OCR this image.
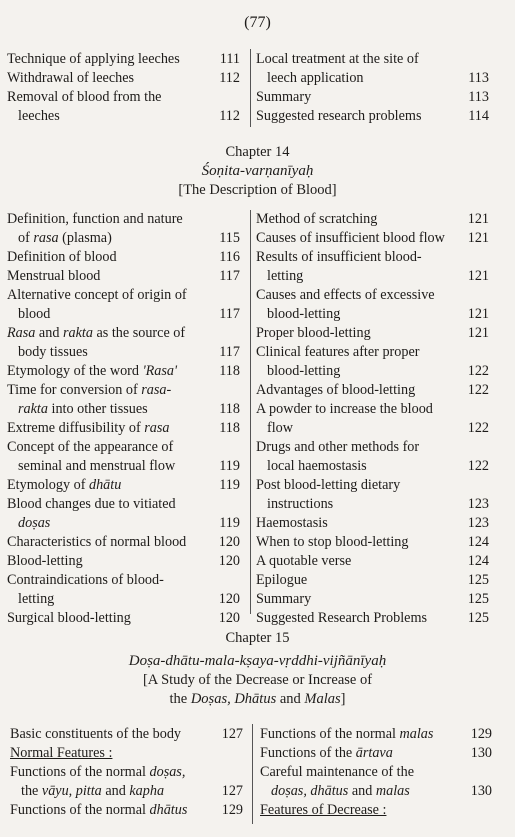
(77)
Technique of applying leeches	111
Withdrawal of leeches	112
Removal of blood from the
leeches	112
Local treatment at the site of
leech application	113
Summary	113
Suggested research problems	114
Chapter 14
Śoṇita-varṇanīyaḥ
[The Description of Blood]
Definition, function and nature
of rasa (plasma)	115
Definition of blood	116
Menstrual blood	117
Alternative concept of origin of
blood	117
Rasa and rakta as the source of
body tissues	117
Etymology of the word 'Rasa'	118
Time for conversion of rasa-
rakta into other tissues	118
Extreme diffusibility of rasa	118
Concept of the appearance of
seminal and menstrual flow	119
Etymology of dhātu	119
Blood changes due to vitiated
doṣas	119
Characteristics of normal blood	120
Blood-letting	120
Contraindications of blood-
letting	120
Surgical blood-letting	120
Method of scratching	121
Causes of insufficient blood flow	121
Results of insufficient blood-
letting	121
Causes and effects of excessive
blood-letting	121
Proper blood-letting	121
Clinical features after proper
blood-letting	122
Advantages of blood-letting	122
A powder to increase the blood
flow	122
Drugs and other methods for
local haemostasis	122
Post blood-letting dietary
instructions	123
Haemostasis	123
When to stop blood-letting	124
A quotable verse	124
Epilogue	125
Summary	125
Suggested Research Problems	125
Chapter 15
Doṣa-dhātu-mala-kṣaya-vṛddhi-vijñānīyaḥ
[A Study of the Decrease or Increase of
the Doṣas, Dhātus and Malas]
Basic constituents of the body	127
Normal Features :
Functions of the normal doṣas,
the vāyu, pitta and kapha	127
Functions of the normal dhātus	129
Functions of the normal malas	129
Functions of the ārtava	130
Careful maintenance of the
doṣas, dhātus and malas	130
Features of Decrease :
